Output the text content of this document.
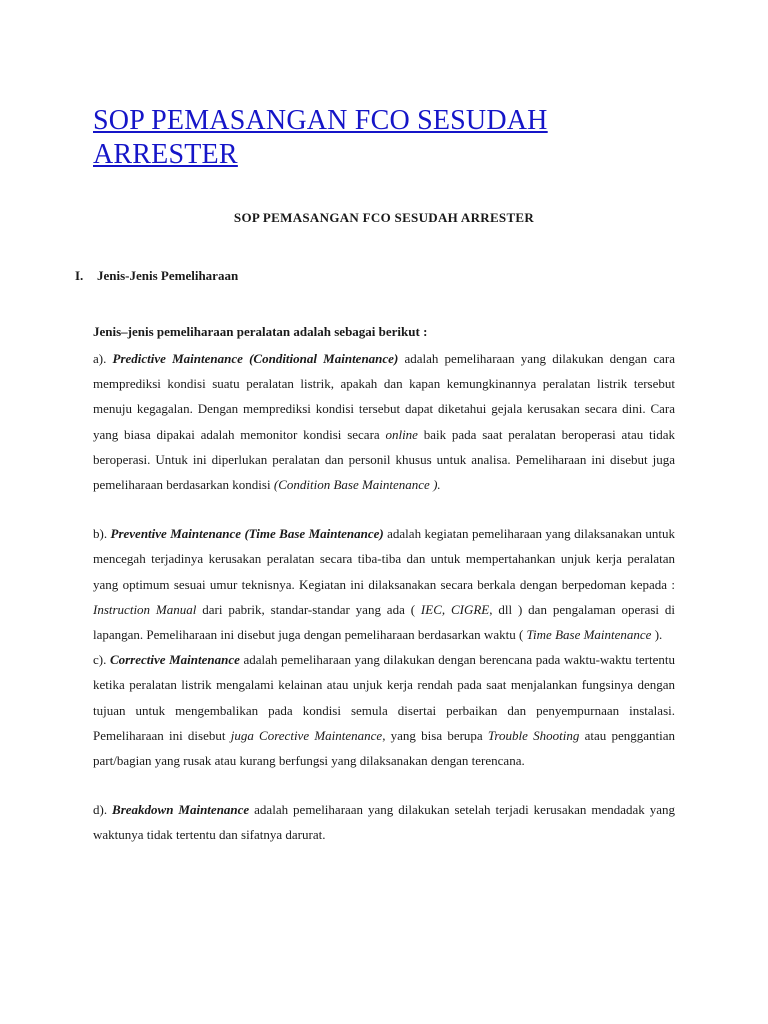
SOP PEMASANGAN FCO SESUDAH ARRESTER
SOP PEMASANGAN FCO SESUDAH ARRESTER
I.	Jenis-Jenis Pemeliharaan
Jenis–jenis pemeliharaan peralatan adalah sebagai berikut :

a). Predictive Maintenance (Conditional Maintenance) adalah pemeliharaan yang dilakukan dengan cara memprediksi kondisi suatu peralatan listrik, apakah dan kapan kemungkinannya peralatan listrik tersebut menuju kegagalan. Dengan memprediksi kondisi tersebut dapat diketahui gejala kerusakan secara dini. Cara yang biasa dipakai adalah memonitor kondisi secara online baik pada saat peralatan beroperasi atau tidak beroperasi. Untuk ini diperlukan peralatan dan personil khusus untuk analisa. Pemeliharaan ini disebut juga pemeliharaan berdasarkan kondisi (Condition Base Maintenance ).

b). Preventive Maintenance (Time Base Maintenance) adalah kegiatan pemeliharaan yang dilaksanakan untuk mencegah terjadinya kerusakan peralatan secara tiba-tiba dan untuk mempertahankan unjuk kerja peralatan yang optimum sesuai umur teknisnya. Kegiatan ini dilaksanakan secara berkala dengan berpedoman kepada : Instruction Manual dari pabrik, standar-standar yang ada ( IEC, CIGRE, dll ) dan pengalaman operasi di lapangan. Pemeliharaan ini disebut juga dengan pemeliharaan berdasarkan waktu ( Time Base Maintenance ).

c). Corrective Maintenance adalah pemeliharaan yang dilakukan dengan berencana pada waktu-waktu tertentu ketika peralatan listrik mengalami kelainan atau unjuk kerja rendah pada saat menjalankan fungsinya dengan tujuan untuk mengembalikan pada kondisi semula disertai perbaikan dan penyempurnaan instalasi. Pemeliharaan ini disebut juga Corective Maintenance, yang bisa berupa Trouble Shooting atau penggantian part/bagian yang rusak atau kurang berfungsi yang dilaksanakan dengan terencana.

d). Breakdown Maintenance adalah pemeliharaan yang dilakukan setelah terjadi kerusakan mendadak yang waktunya tidak tertentu dan sifatnya darurat.
